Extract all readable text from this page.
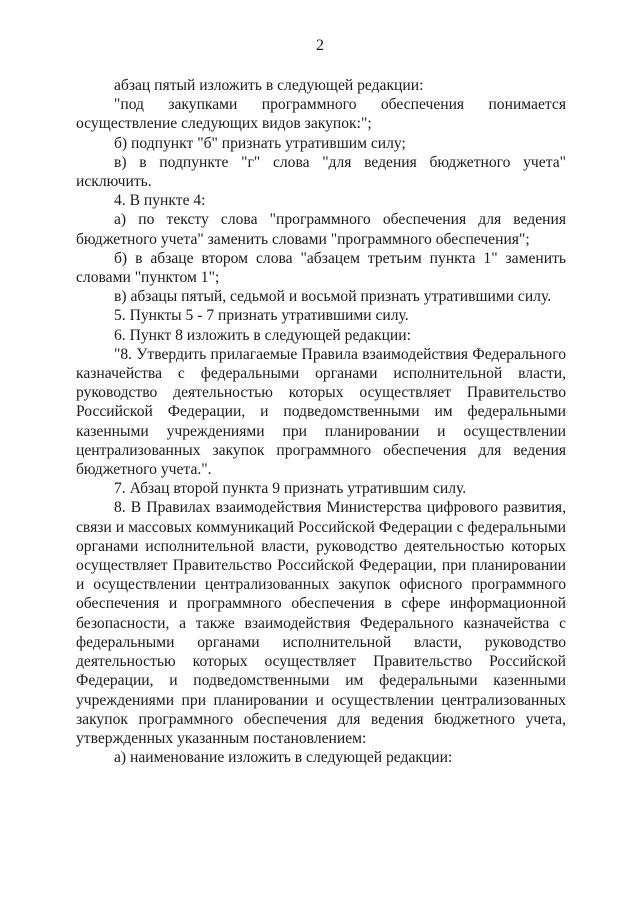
2

абзац пятый изложить в следующей редакции:

"под закупками программного обеспечения понимается осуществление следующих видов закупок:";

б) подпункт "б" признать утратившим силу;

в) в подпункте "г" слова "для ведения бюджетного учета" исключить.

4. В пункте 4:

а) по тексту слова "программного обеспечения для ведения бюджетного учета" заменить словами "программного обеспечения";

б) в абзаце втором слова "абзацем третьим пункта 1" заменить словами "пунктом 1";

в) абзацы пятый, седьмой и восьмой признать утратившими силу.

5. Пункты 5 - 7 признать утратившими силу.

6. Пункт 8 изложить в следующей редакции:

"8. Утвердить прилагаемые Правила взаимодействия Федерального казначейства с федеральными органами исполнительной власти, руководство деятельностью которых осуществляет Правительство Российской Федерации, и подведомственными им федеральными казенными учреждениями при планировании и осуществлении централизованных закупок программного обеспечения для ведения бюджетного учета.".

7. Абзац второй пункта 9 признать утратившим силу.

8. В Правилах взаимодействия Министерства цифрового развития, связи и массовых коммуникаций Российской Федерации с федеральными органами исполнительной власти, руководство деятельностью которых осуществляет Правительство Российской Федерации, при планировании и осуществлении централизованных закупок офисного программного обеспечения и программного обеспечения в сфере информационной безопасности, а также взаимодействия Федерального казначейства с федеральными органами исполнительной власти, руководство деятельностью которых осуществляет Правительство Российской Федерации, и подведомственными им федеральными казенными учреждениями при планировании и осуществлении централизованных закупок программного обеспечения для ведения бюджетного учета, утвержденных указанным постановлением:

а) наименование изложить в следующей редакции:
